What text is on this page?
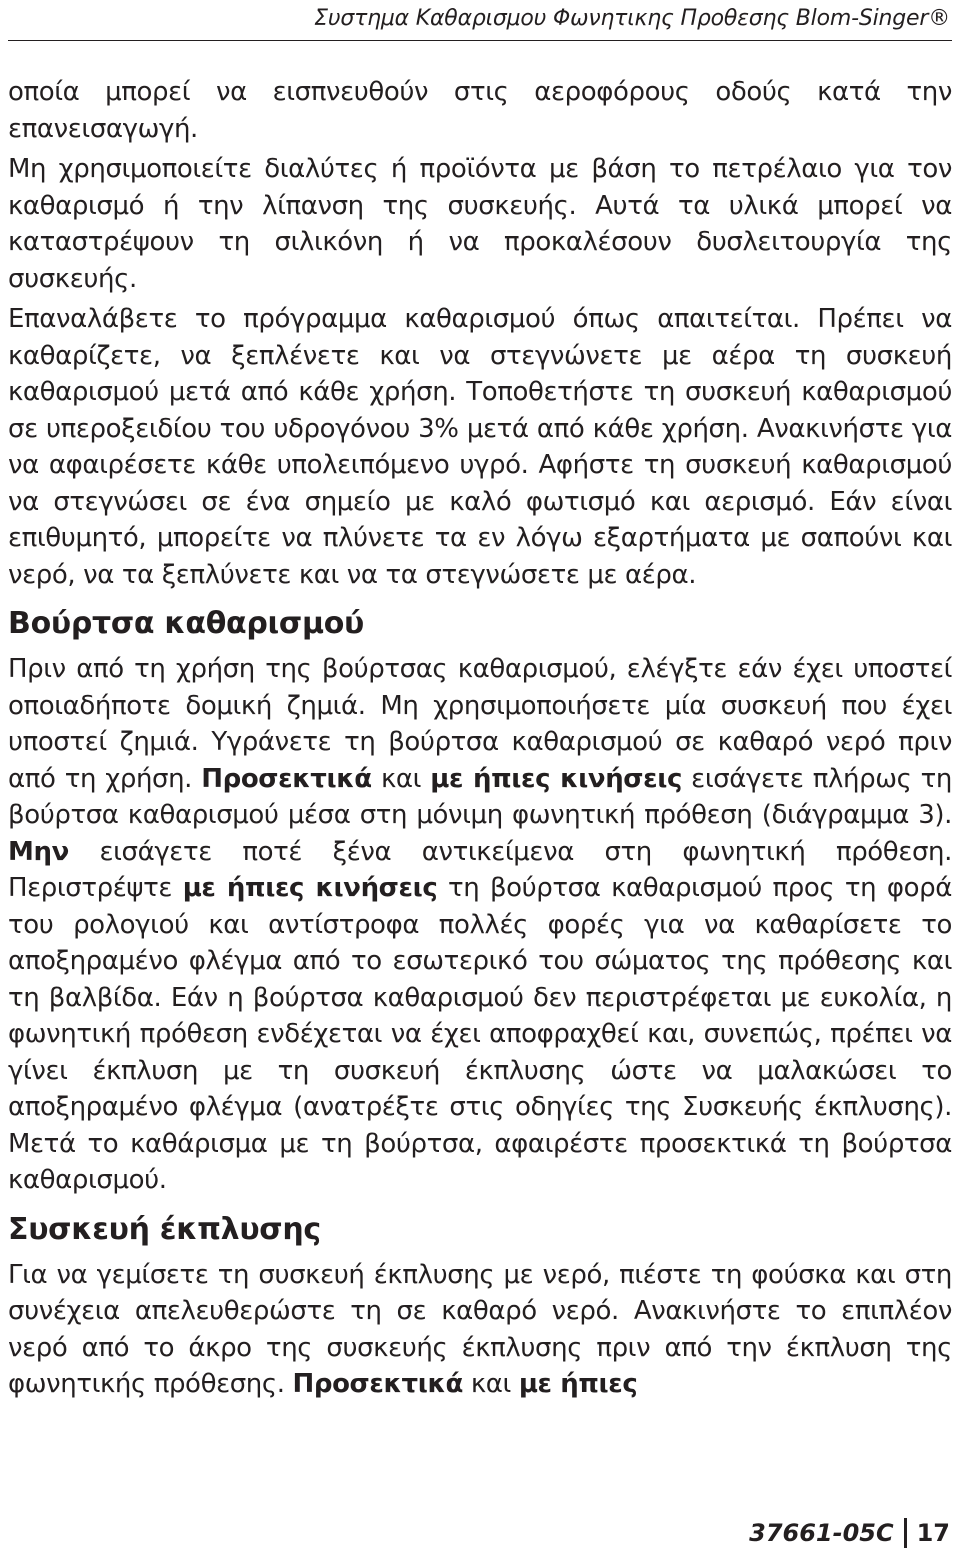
Συστημα Καθαρισμου Φωνητικης Προθεσης Blom-Singer®

οποία μπορεί να εισπνευθούν στις αεροφόρους οδούς κατά την επανεισαγωγή.

Μη χρησιμοποιείτε διαλύτες ή προϊόντα με βάση το πετρέλαιο για τον καθαρισμό ή την λίπανση της συσκευής. Αυτά τα υλικά μπορεί να καταστρέψουν τη σιλικόνη ή να προκαλέσουν δυσλειτουργία της συσκευής.

Επαναλάβετε το πρόγραμμα καθαρισμού όπως απαιτείται. Πρέπει να καθαρίζετε, να ξεπλένετε και να στεγνώνετε με αέρα τη συσκευή καθαρισμού μετά από κάθε χρήση. Τοποθετήστε τη συσκευή καθαρισμού σε υπεροξειδίου του υδρογόνου 3% μετά από κάθε χρήση. Ανακινήστε για να αφαιρέσετε κάθε υπολειπόμενο υγρό. Αφήστε τη συσκευή καθαρισμού να στεγνώσει σε ένα σημείο με καλό φωτισμό και αερισμό. Εάν είναι επιθυμητό, μπορείτε να πλύνετε τα εν λόγω εξαρτήματα με σαπούνι και νερό, να τα ξεπλύνετε και να τα στεγνώσετε με αέρα.

Βούρτσα καθαρισμού

Πριν από τη χρήση της βούρτσας καθαρισμού, ελέγξτε εάν έχει υποστεί οποιαδήποτε δομική ζημιά. Μη χρησιμοποιήσετε μία συσκευή που έχει υποστεί ζημιά. Υγράνετε τη βούρτσα καθαρισμού σε καθαρό νερό πριν από τη χρήση. Προσεκτικά και με ήπιες κινήσεις εισάγετε πλήρως τη βούρτσα καθαρισμού μέσα στη μόνιμη φωνητική πρόθεση (διάγραμμα 3). Μην εισάγετε ποτέ ξένα αντικείμενα στη φωνητική πρόθεση. Περιστρέψτε με ήπιες κινήσεις τη βούρτσα καθαρισμού προς τη φορά του ρολογιού και αντίστροφα πολλές φορές για να καθαρίσετε το αποξηραμένο φλέγμα από το εσωτερικό του σώματος της πρόθεσης και τη βαλβίδα. Εάν η βούρτσα καθαρισμού δεν περιστρέφεται με ευκολία, η φωνητική πρόθεση ενδέχεται να έχει αποφραχθεί και, συνεπώς, πρέπει να γίνει έκπλυση με τη συσκευή έκπλυσης ώστε να μαλακώσει το αποξηραμένο φλέγμα (ανατρέξτε στις οδηγίες της Συσκευής έκπλυσης). Μετά το καθάρισμα με τη βούρτσα, αφαιρέστε προσεκτικά τη βούρτσα καθαρισμού.

Συσκευή έκπλυσης

Για να γεμίσετε τη συσκευή έκπλυσης με νερό, πιέστε τη φούσκα και στη συνέχεια απελευθερώστε τη σε καθαρό νερό. Ανακινήστε το επιπλέον νερό από το άκρο της συσκευής έκπλυσης πριν από την έκπλυση της φωνητικής πρόθεσης. Προσεκτικά και με ήπιες

37661-05C 17
